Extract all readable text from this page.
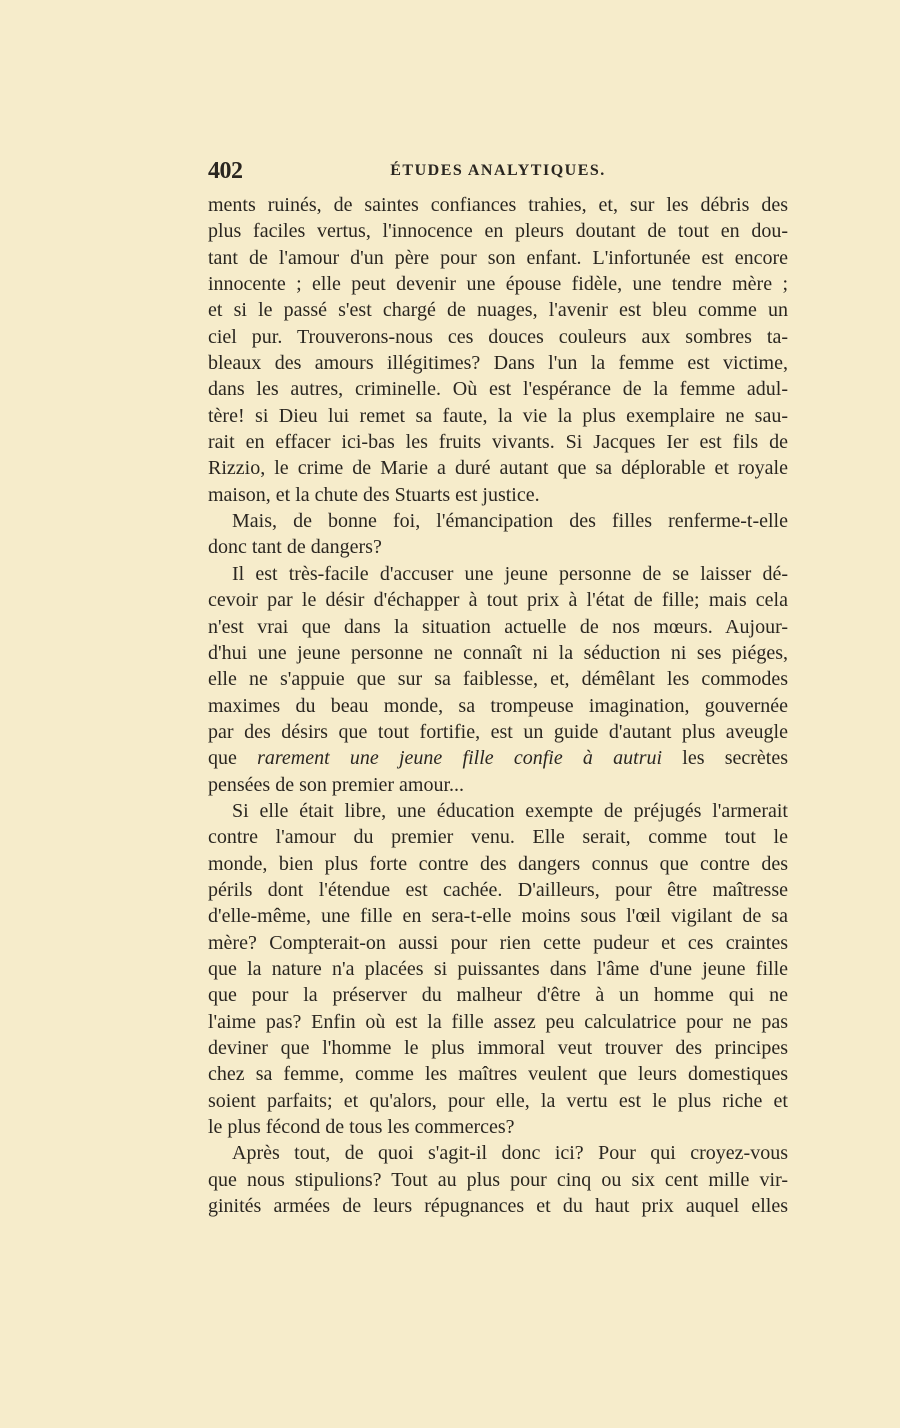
402	ÉTUDES ANALYTIQUES.
ments ruinés, de saintes confiances trahies, et, sur les débris des
plus faciles vertus, l'innocence en pleurs doutant de tout en dou-
tant de l'amour d'un père pour son enfant. L'infortunée est encore
innocente ; elle peut devenir une épouse fidèle, une tendre mère ;
et si le passé s'est chargé de nuages, l'avenir est bleu comme un
ciel pur. Trouverons-nous ces douces couleurs aux sombres ta-
bleaux des amours illégitimes? Dans l'un la femme est victime,
dans les autres, criminelle. Où est l'espérance de la femme adul-
tère! si Dieu lui remet sa faute, la vie la plus exemplaire ne sau-
rait en effacer ici-bas les fruits vivants. Si Jacques Ier est fils de
Rizzio, le crime de Marie a duré autant que sa déplorable et royale
maison, et la chute des Stuarts est justice.
Mais, de bonne foi, l'émancipation des filles renferme-t-elle
donc tant de dangers?
Il est très-facile d'accuser une jeune personne de se laisser dé-
cevoir par le désir d'échapper à tout prix à l'état de fille; mais cela
n'est vrai que dans la situation actuelle de nos mœurs. Aujour-
d'hui une jeune personne ne connaît ni la séduction ni ses piéges,
elle ne s'appuie que sur sa faiblesse, et, démêlant les commodes
maximes du beau monde, sa trompeuse imagination, gouvernée
par des désirs que tout fortifie, est un guide d'autant plus aveugle
que rarement une jeune fille confie à autrui les secrètes
pensées de son premier amour...
Si elle était libre, une éducation exempte de préjugés l'armerait
contre l'amour du premier venu. Elle serait, comme tout le
monde, bien plus forte contre des dangers connus que contre des
périls dont l'étendue est cachée. D'ailleurs, pour être maîtresse
d'elle-même, une fille en sera-t-elle moins sous l'œil vigilant de sa
mère? Compterait-on aussi pour rien cette pudeur et ces craintes
que la nature n'a placées si puissantes dans l'âme d'une jeune fille
que pour la préserver du malheur d'être à un homme qui ne
l'aime pas? Enfin où est la fille assez peu calculatrice pour ne pas
deviner que l'homme le plus immoral veut trouver des principes
chez sa femme, comme les maîtres veulent que leurs domestiques
soient parfaits; et qu'alors, pour elle, la vertu est le plus riche et
le plus fécond de tous les commerces?
Après tout, de quoi s'agit-il donc ici? Pour qui croyez-vous
que nous stipulions? Tout au plus pour cinq ou six cent mille vir-
ginités armées de leurs répugnances et du haut prix auquel elles
